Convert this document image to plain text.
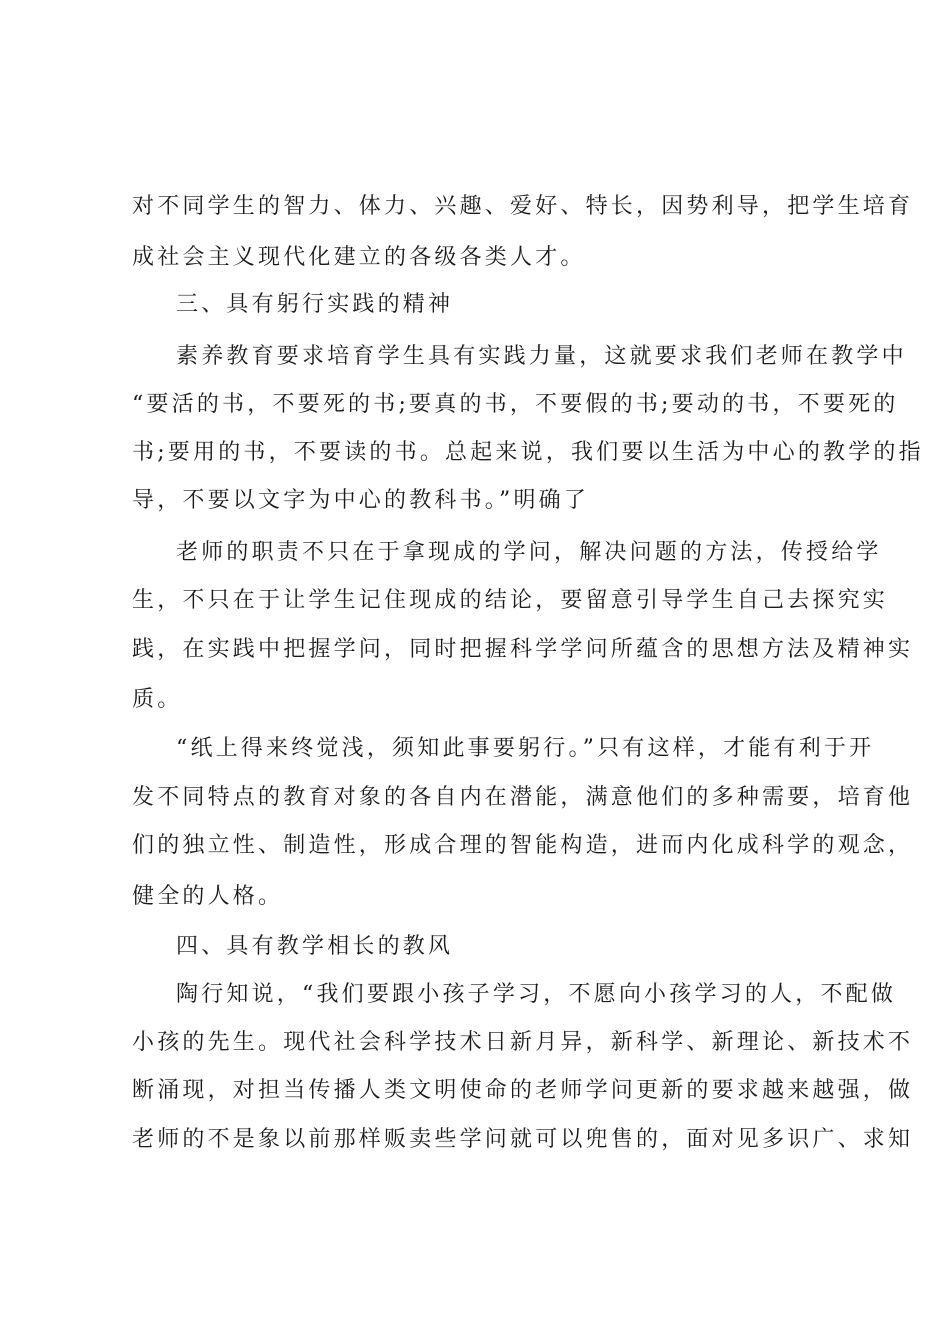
对不同学生的智力、体力、兴趣、爱好、特长，因势利导，把学生培育
成社会主义现代化建立的各级各类人才。
三、具有躬行实践的精神
素养教育要求培育学生具有实践力量，这就要求我们老师在教学中
“要活的书，不要死的书;要真的书，不要假的书;要动的书，不要死的
书;要用的书，不要读的书。总起来说，我们要以生活为中心的教学的指
导，不要以文字为中心的教科书。”明确了
老师的职责不只在于拿现成的学问，解决问题的方法，传授给学
生，不只在于让学生记住现成的结论，要留意引导学生自己去探究实
践，在实践中把握学问，同时把握科学学问所蕴含的思想方法及精神实
质。
“纸上得来终觉浅，须知此事要躬行。”只有这样，才能有利于开
发不同特点的教育对象的各自内在潜能，满意他们的多种需要，培育他
们的独立性、制造性，形成合理的智能构造，进而内化成科学的观念，
健全的人格。
四、具有教学相长的教风
陶行知说，“我们要跟小孩子学习，不愿向小孩学习的人，不配做
小孩的先生。现代社会科学技术日新月异，新科学、新理论、新技术不
断涌现，对担当传播人类文明使命的老师学问更新的要求越来越强，做
老师的不是象以前那样贩卖些学问就可以兜售的，面对见多识广、求知
